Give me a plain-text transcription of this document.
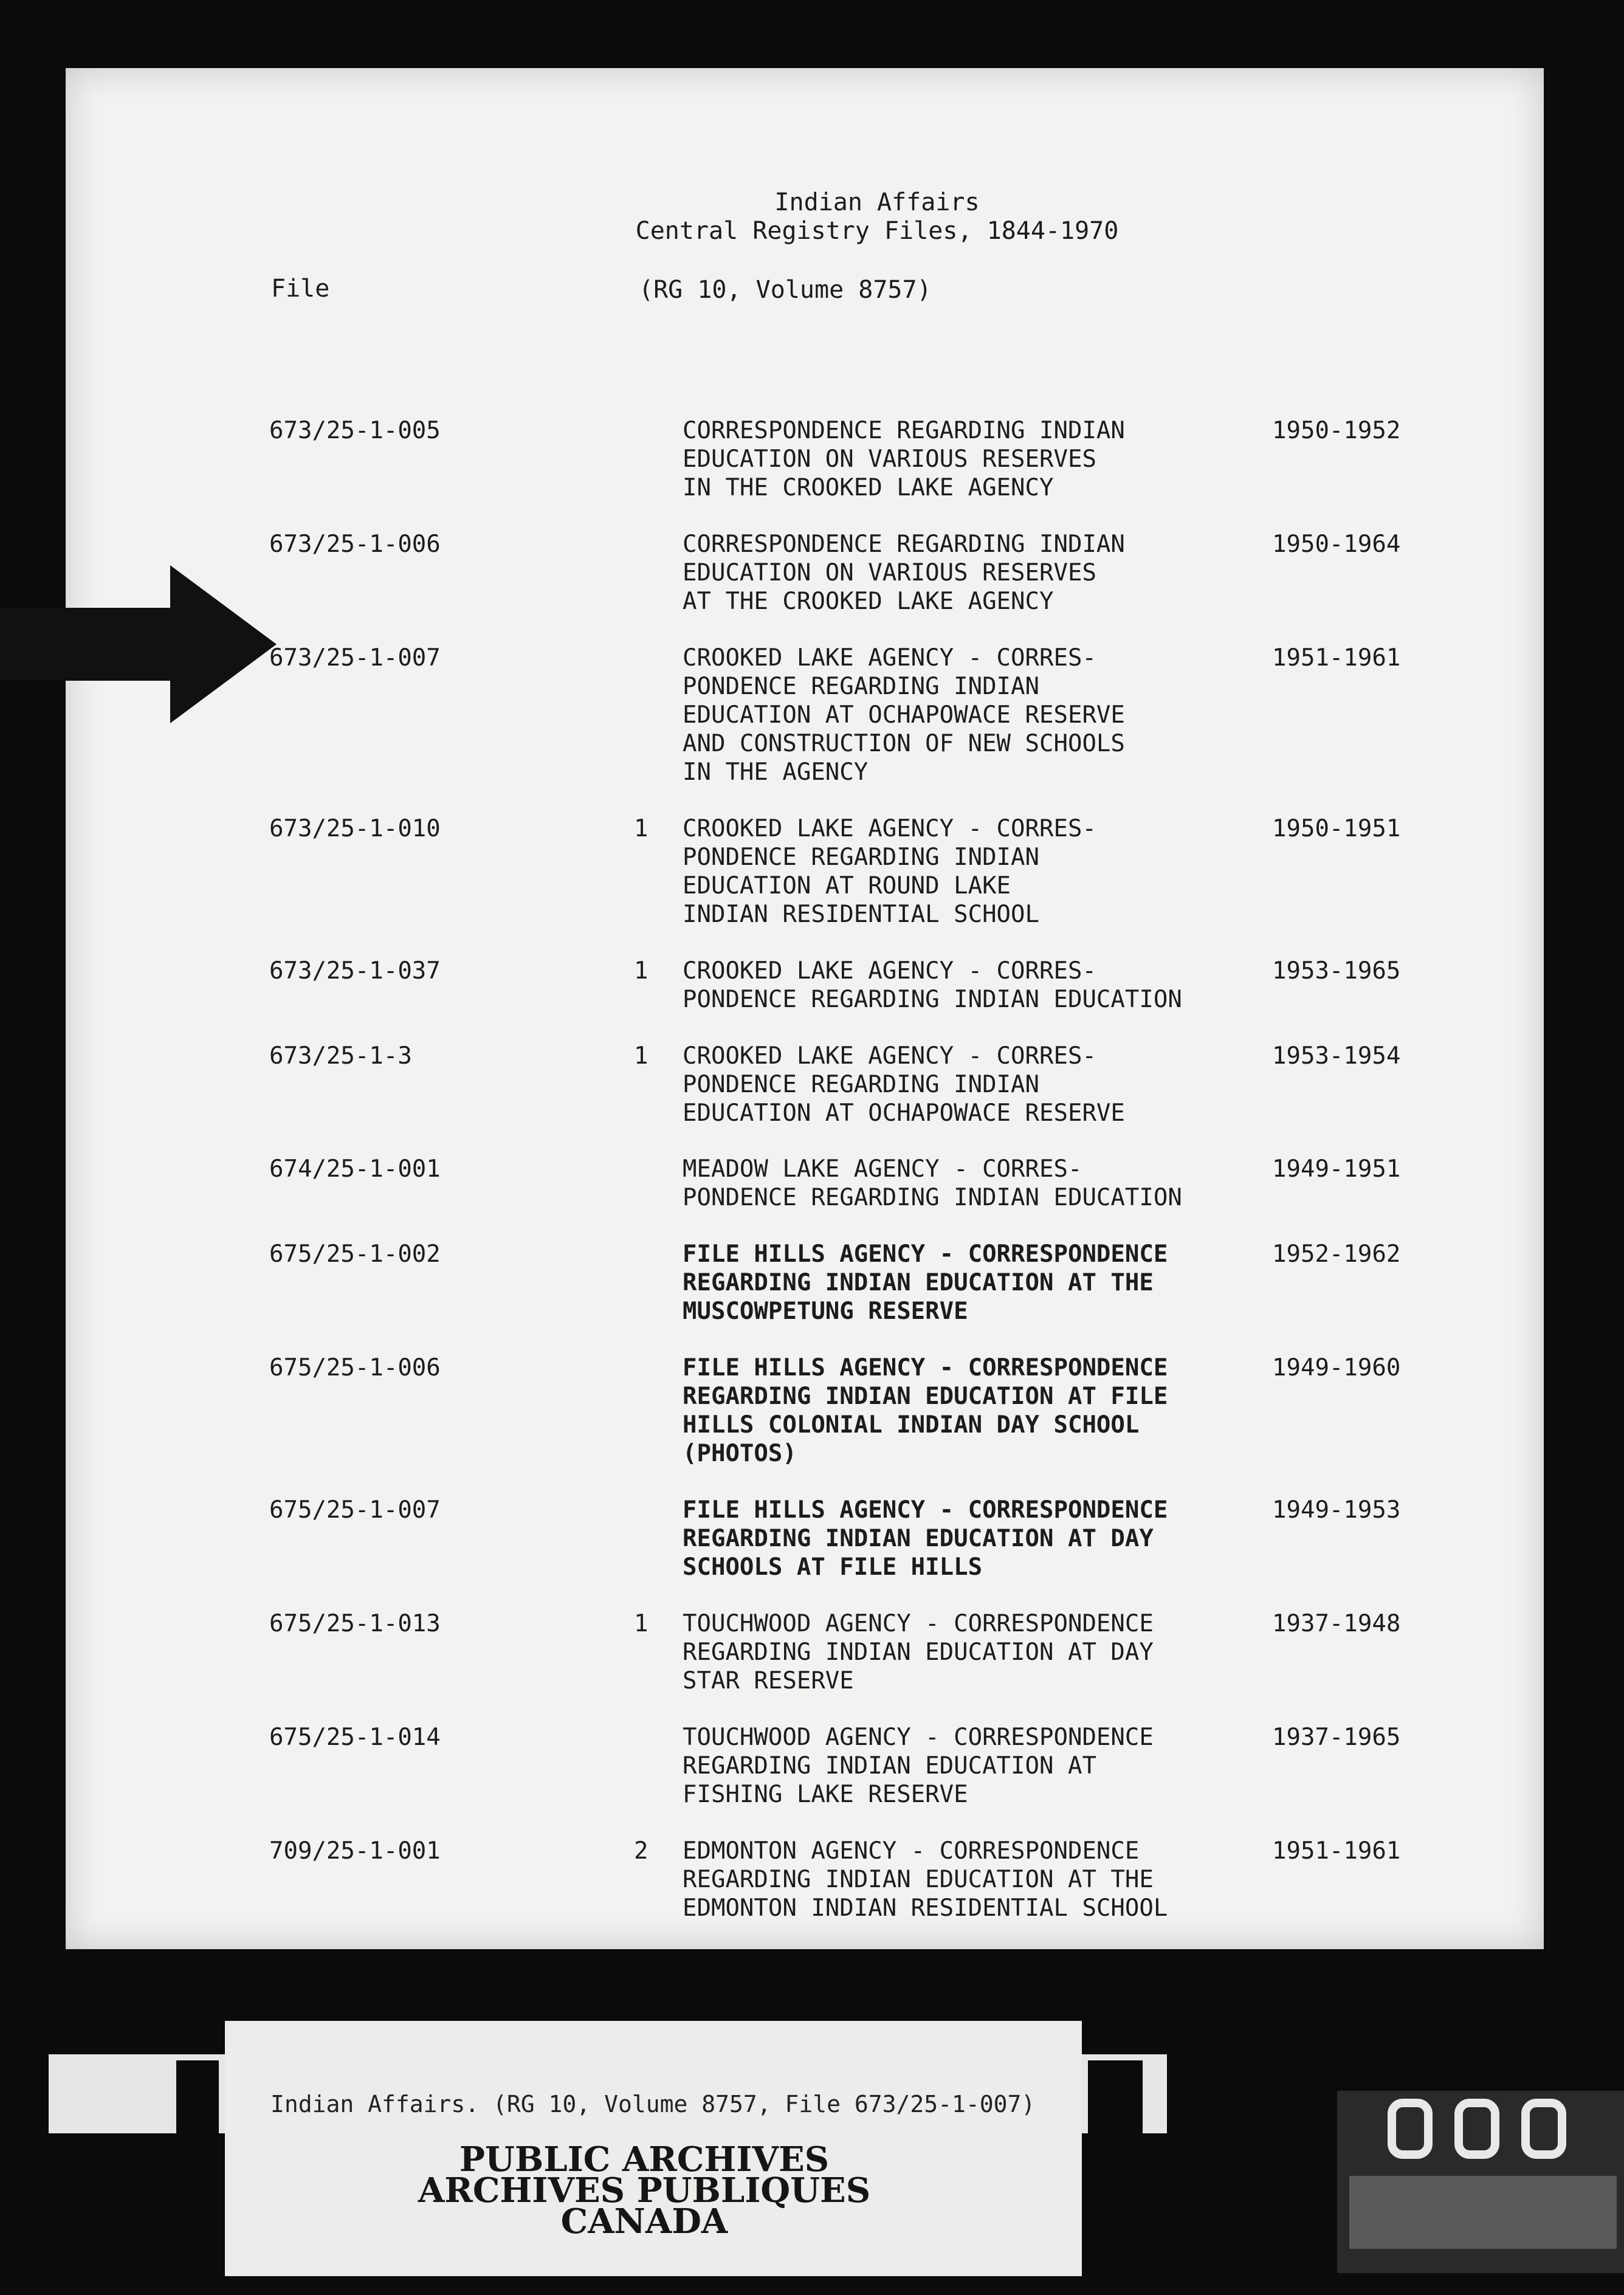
Indian Affairs
Central Registry Files, 1844-1970
File	(RG 10, Volume 8757)
673/25-1-005	CORRESPONDENCE REGARDING INDIAN
EDUCATION ON VARIOUS RESERVES
IN THE CROOKED LAKE AGENCY
1950-1952
673/25-1-006	CORRESPONDENCE REGARDING INDIAN
EDUCATION ON VARIOUS RESERVES
AT THE CROOKED LAKE AGENCY
1950-1964
673/25-1-007	CROOKED LAKE AGENCY - CORRES-
PONDENCE REGARDING INDIAN
EDUCATION AT OCHAPOWACE RESERVE
AND CONSTRUCTION OF NEW SCHOOLS
IN THE AGENCY
1951-1961
673/25-1-010	1 CROOKED LAKE AGENCY - CORRES-
PONDENCE REGARDING INDIAN
EDUCATION AT ROUND LAKE
INDIAN RESIDENTIAL SCHOOL
1950-1951
673/25-1-037	1 CROOKED LAKE AGENCY - CORRES-
PONDENCE REGARDING INDIAN EDUCATION
1953-1965
673/25-1-3	1 CROOKED LAKE AGENCY - CORRES-
PONDENCE REGARDING INDIAN
EDUCATION AT OCHAPOWACE RESERVE
1953-1954
674/25-1-001	MEADOW LAKE AGENCY - CORRES-
PONDENCE REGARDING INDIAN EDUCATION
1949-1951
675/25-1-002	FILE HILLS AGENCY - CORRESPONDENCE
REGARDING INDIAN EDUCATION AT THE
MUSCOWPETUNG RESERVE
1952-1962
675/25-1-006	FILE HILLS AGENCY - CORRESPONDENCE
REGARDING INDIAN EDUCATION AT FILE
HILLS COLONIAL INDIAN DAY SCHOOL
(PHOTOS)
1949-1960
675/25-1-007	FILE HILLS AGENCY - CORRESPONDENCE
REGARDING INDIAN EDUCATION AT DAY
SCHOOLS AT FILE HILLS
1949-1953
675/25-1-013	1 TOUCHWOOD AGENCY - CORRESPONDENCE
REGARDING INDIAN EDUCATION AT DAY
STAR RESERVE
1937-1948
675/25-1-014	TOUCHWOOD AGENCY - CORRESPONDENCE
REGARDING INDIAN EDUCATION AT
FISHING LAKE RESERVE
1937-1965
709/25-1-001	2 EDMONTON AGENCY - CORRESPONDENCE
REGARDING INDIAN EDUCATION AT THE
EDMONTON INDIAN RESIDENTIAL SCHOOL
1951-1961
Indian Affairs. (RG 10, Volume 8757, File 673/25-1-007)
PUBLIC ARCHIVES
ARCHIVES PUBLIQUES
CANADA
